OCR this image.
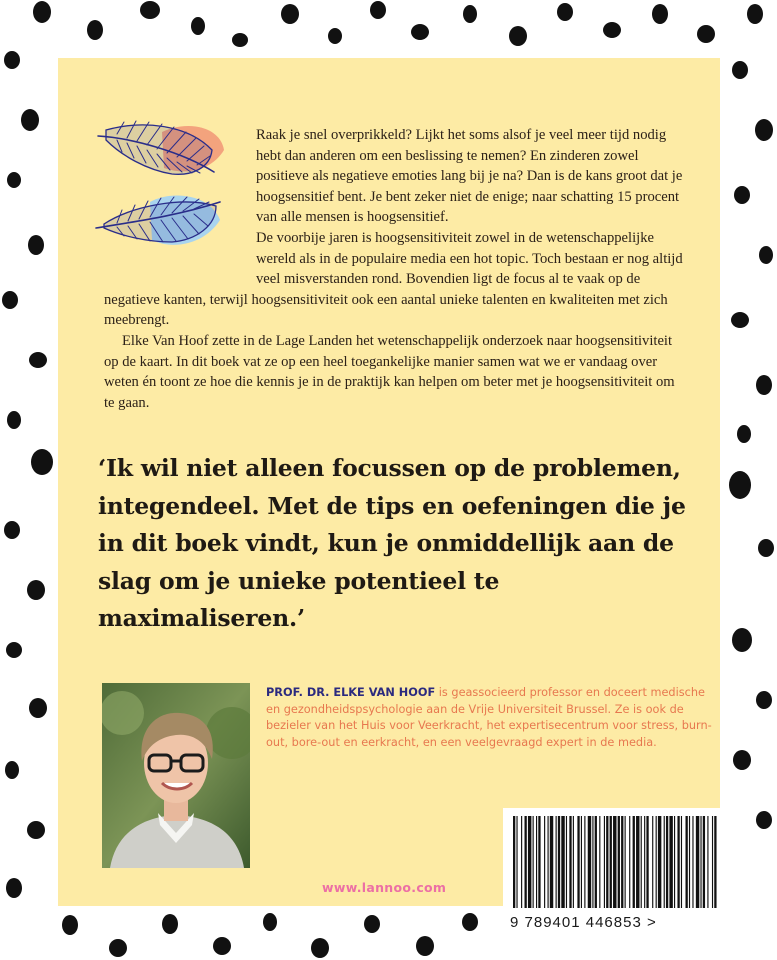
Raak je snel overprikkeld? Lijkt het soms alsof je veel meer tijd nodig hebt dan anderen om een beslissing te nemen? En zinderen zowel positieve als negatieve emoties lang bij je na? Dan is de kans groot dat je hoogsensitief bent. Je bent zeker niet de enige; naar schatting 15 procent van alle mensen is hoogsensitief.

De voorbije jaren is hoogsensitiviteit zowel in de wetenschappelijke wereld als in de populaire media een hot topic. Toch bestaan er nog altijd veel misverstanden rond. Bovendien ligt de focus al te vaak op de negatieve kanten, terwijl hoogsensitiviteit ook een aantal unieke talenten en kwaliteiten met zich meebrengt.

Elke Van Hoof zette in de Lage Landen het wetenschappelijk onderzoek naar hoogsensitiviteit op de kaart. In dit boek vat ze op een heel toegankelijke manier samen wat we er vandaag over weten én toont ze hoe die kennis je in de praktijk kan helpen om beter met je hoogsensitiviteit om te gaan.

‘Ik wil niet alleen focussen op de problemen, integendeel. Met de tips en oefeningen die je in dit boek vindt, kun je onmiddellijk aan de slag om je unieke potentieel te maximaliseren.’

PROF. DR. ELKE VAN HOOF is geassocieerd professor en doceert medische en gezondheidspsychologie aan de Vrije Universiteit Brussel. Ze is ook de bezieler van het Huis voor Veerkracht, het expertisecentrum voor stress, burn-out, bore-out en eerkracht, en een veelgevraagd expert in de media.

www.lannoo.com
9 789401 446853 >
